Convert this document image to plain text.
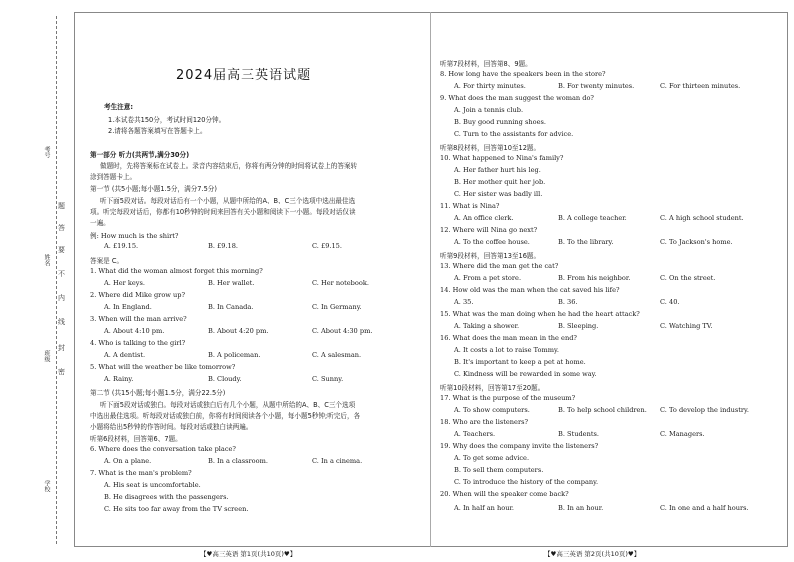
考号
姓名
班级
学校
不
要
答
题
内
线
封
密
2024届高三英语试题
考生注意:
1.本试卷共150分，考试时间120分钟。
2.请将各题答案填写在答题卡上。
第一部分 听力(共两节,满分30分)
做题时，先将答案标在试卷上。录音内容结束后，你将有两分钟的时间将试卷上的答案转
涂到答题卡上。
第一节 (共5小题;每小题1.5分，满分7.5分)
听下面5段对话。每段对话后有一个小题，从题中所给的A、B、C三个选项中选出最佳选
项。听完每段对话后，你都有10秒钟的时间来回答有关小题和阅读下一小题。每段对话仅读
一遍。
例: How much is the shirt?
A. £19.15.	B. £9.18.	C. £9.15.
答案是 C。
1. What did the woman almost forget this morning?
A. Her keys.	B. Her wallet.	C. Her notebook.
2. Where did Mike grow up?
A. In England.	B. In Canada.	C. In Germany.
3. When will the man arrive?
A. About 4:10 pm.	B. About 4:20 pm.	C. About 4:30 pm.
4. Who is talking to the girl?
A. A dentist.	B. A policeman.	C. A salesman.
5. What will the weather be like tomorrow?
A. Rainy.	B. Cloudy.	C. Sunny.
第二节 (共15小题;每小题1.5分，满分22.5分)
听下面5段对话或独白。每段对话或独白后有几个小题，从题中所给的A、B、C三个选项
中选出最佳选项。听每段对话或独白前，你将有时间阅读各个小题，每小题5秒钟;听完后，各
小题将给出5秒钟的作答时间。每段对话或独白读两遍。
听第6段材料，回答第6、7题。
6. Where does the conversation take place?
A. On a plane.	B. In a classroom.	C. In a cinema.
7. What is the man's problem?
A. His seat is uncomfortable.
B. He disagrees with the passengers.
C. He sits too far away from the TV screen.
【♥高三英语 第1页(共10页)♥】
听第7段材料，回答第8、9题。
8. How long have the speakers been in the store?
A. For thirty minutes.	B. For twenty minutes.	C. For thirteen minutes.
9. What does the man suggest the woman do?
A. Join a tennis club.
B. Buy good running shoes.
C. Turn to the assistants for advice.
听第8段材料，回答第10至12题。
10. What happened to Nina's family?
A. Her father hurt his leg.
B. Her mother quit her job.
C. Her sister was badly ill.
11. What is Nina?
A. An office clerk.	B. A college teacher.	C. A high school student.
12. Where will Nina go next?
A. To the coffee house.	B. To the library.	C. To Jackson's home.
听第9段材料，回答第13至16题。
13. Where did the man get the cat?
A. From a pet store.	B. From his neighbor.	C. On the street.
14. How old was the man when the cat saved his life?
A. 35.	B. 36.	C. 40.
15. What was the man doing when he had the heart attack?
A. Taking a shower.	B. Sleeping.	C. Watching TV.
16. What does the man mean in the end?
A. It costs a lot to raise Tommy.
B. It's important to keep a pet at home.
C. Kindness will be rewarded in some way.
听第10段材料，回答第17至20题。
17. What is the purpose of the museum?
A. To show computers.	B. To help school children. C. To develop the industry.
18. Who are the listeners?
A. Teachers.	B. Students.	C. Managers.
19. Why does the company invite the listeners?
A. To get some advice.
B. To sell them computers.
C. To introduce the history of the company.
20. When will the speaker come back?
A. In half an hour.	B. In an hour.	C. In one and a half hours.
【♥高三英语 第2页(共10页)♥】
